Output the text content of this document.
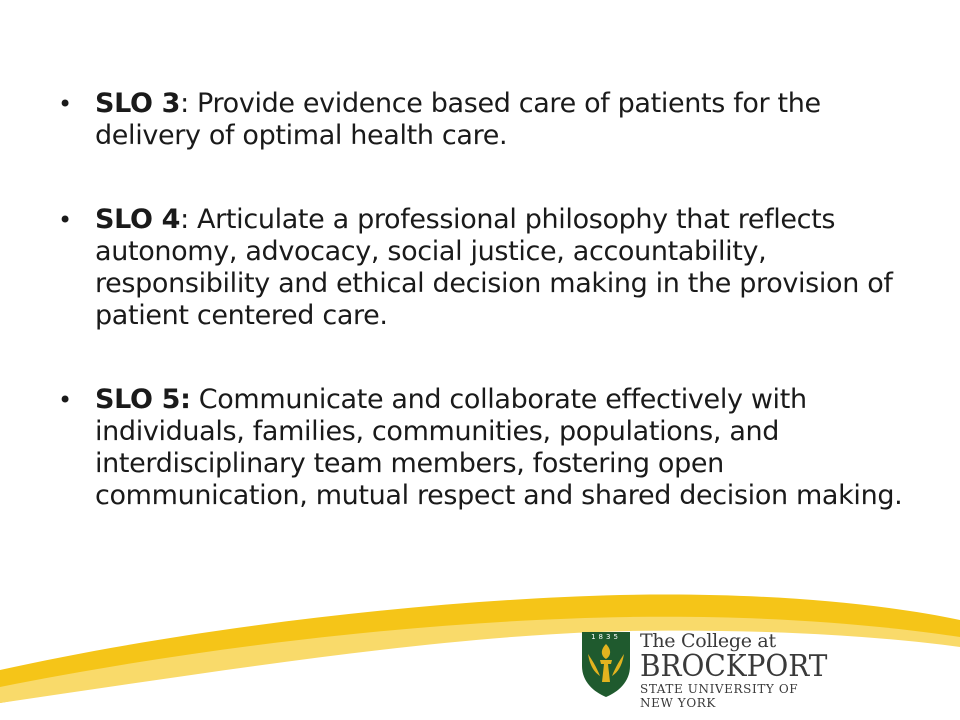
• SLO 3: Provide evidence based care of patients for the delivery of optimal health care.
• SLO 4: Articulate a professional philosophy that reflects autonomy, advocacy, social justice, accountability, responsibility and ethical decision making in the provision of patient centered care.
• SLO 5: Communicate and collaborate effectively with individuals, families, communities, populations, and interdisciplinary team members, fostering open communication, mutual respect and shared decision making.
1835 The College at
BROCKPORT
STATE UNIVERSITY OF NEW YORK
